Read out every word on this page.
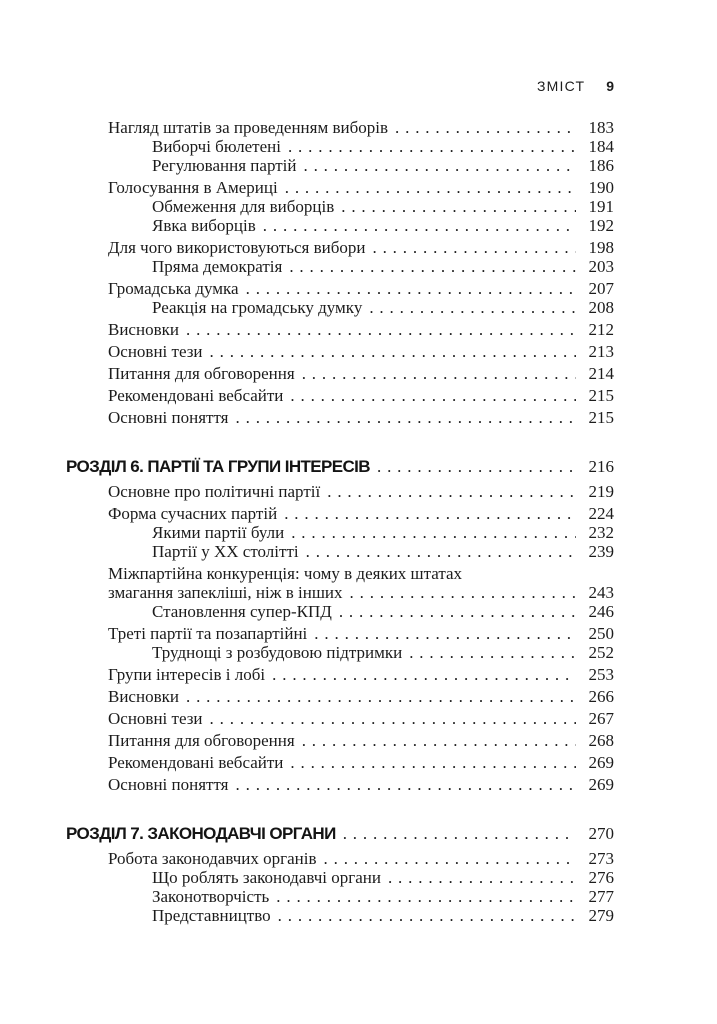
ЗМІСТ 9
Нагляд штатів за проведенням виборів . . .	183
Виборчі бюлетені . . .	184
Регулювання партій . . .	186
Голосування в Америці . . .	190
Обмеження для виборців . . .	191
Явка виборців . . .	192
Для чого використовуються вибори . . .	198
Пряма демократія . . .	203
Громадська думка . . .	207
Реакція на громадську думку . . .	208
Висновки . . .	212
Основні тези . . .	213
Питання для обговорення . . .	214
Рекомендовані вебсайти . . .	215
Основні поняття . . .	215
РОЗДІЛ 6. ПАРТІЇ ТА ГРУПИ ІНТЕРЕСІВ . . .	216
Основне про політичні партії . . .	219
Форма сучасних партій . . .	224
Якими партії були . . .	232
Партії у ХХ столітті . . .	239
Міжпартійна конкуренція: чому в деяких штатах
змагання запекліші, ніж в інших . . .	243
Становлення супер-КПД . . .	246
Треті партії та позапартійні . . .	250
Труднощі з розбудовою підтримки . . .	252
Групи інтересів і лобі . . .	253
Висновки . . .	266
Основні тези . . .	267
Питання для обговорення . . .	268
Рекомендовані вебсайти . . .	269
Основні поняття . . .	269
РОЗДІЛ 7. ЗАКОНОДАВЧІ ОРГАНИ . . .	270
Робота законодавчих органів . . .	273
Що роблять законодавчі органи . . .	276
Законотворчість . . .	277
Представництво . . .	279
